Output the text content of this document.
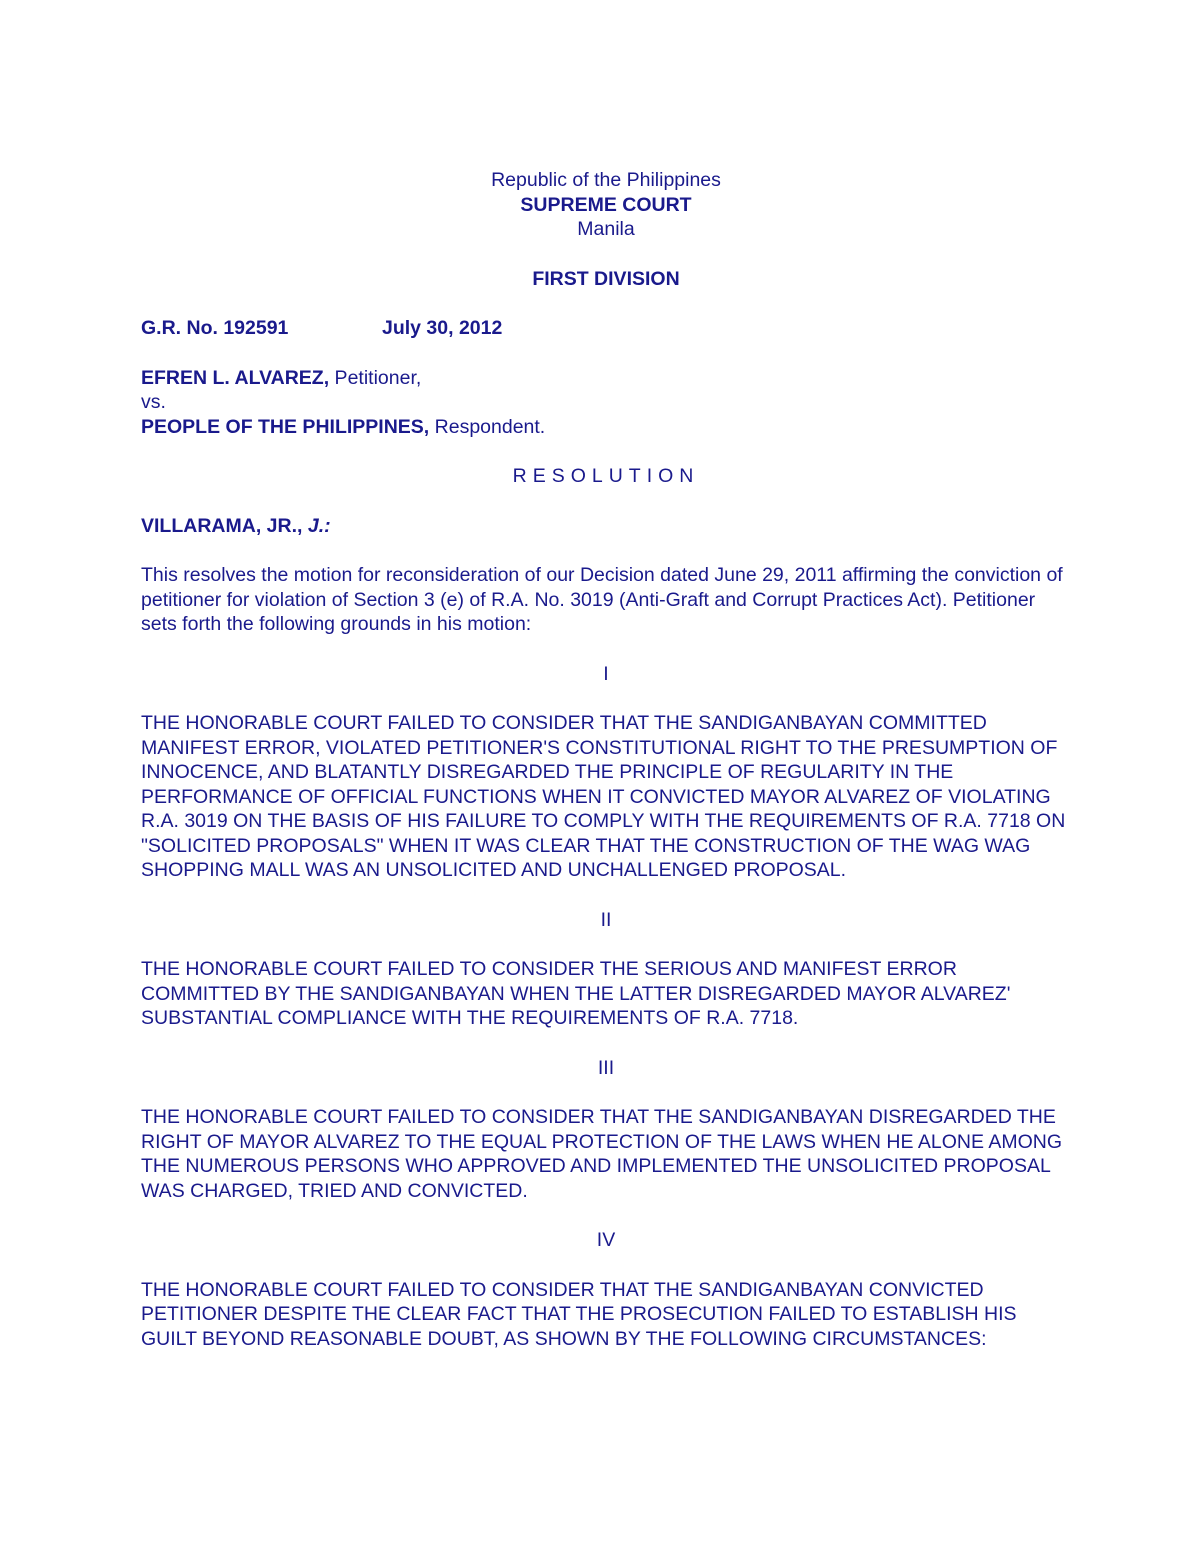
Republic of the Philippines
SUPREME COURT
Manila
FIRST DIVISION
G.R. No. 192591	July 30, 2012
EFREN L. ALVAREZ, Petitioner,
vs.
PEOPLE OF THE PHILIPPINES, Respondent.
RESOLUTION
VILLARAMA, JR., J.:

This resolves the motion for reconsideration of our Decision dated June 29, 2011 affirming the conviction of petitioner for violation of Section 3 (e) of R.A. No. 3019 (Anti-Graft and Corrupt Practices Act). Petitioner sets forth the following grounds in his motion:

I

THE HONORABLE COURT FAILED TO CONSIDER THAT THE SANDIGANBAYAN COMMITTED MANIFEST ERROR, VIOLATED PETITIONER'S CONSTITUTIONAL RIGHT TO THE PRESUMPTION OF INNOCENCE, AND BLATANTLY DISREGARDED THE PRINCIPLE OF REGULARITY IN THE PERFORMANCE OF OFFICIAL FUNCTIONS WHEN IT CONVICTED MAYOR ALVAREZ OF VIOLATING R.A. 3019 ON THE BASIS OF HIS FAILURE TO COMPLY WITH THE REQUIREMENTS OF R.A. 7718 ON "SOLICITED PROPOSALS" WHEN IT WAS CLEAR THAT THE CONSTRUCTION OF THE WAG WAG SHOPPING MALL WAS AN UNSOLICITED AND UNCHALLENGED PROPOSAL.

II

THE HONORABLE COURT FAILED TO CONSIDER THE SERIOUS AND MANIFEST ERROR COMMITTED BY THE SANDIGANBAYAN WHEN THE LATTER DISREGARDED MAYOR ALVAREZ' SUBSTANTIAL COMPLIANCE WITH THE REQUIREMENTS OF R.A. 7718.

III

THE HONORABLE COURT FAILED TO CONSIDER THAT THE SANDIGANBAYAN DISREGARDED THE RIGHT OF MAYOR ALVAREZ TO THE EQUAL PROTECTION OF THE LAWS WHEN HE ALONE AMONG THE NUMEROUS PERSONS WHO APPROVED AND IMPLEMENTED THE UNSOLICITED PROPOSAL WAS CHARGED, TRIED AND CONVICTED.

IV

THE HONORABLE COURT FAILED TO CONSIDER THAT THE SANDIGANBAYAN CONVICTED PETITIONER DESPITE THE CLEAR FACT THAT THE PROSECUTION FAILED TO ESTABLISH HIS GUILT BEYOND REASONABLE DOUBT, AS SHOWN BY THE FOLLOWING CIRCUMSTANCES:
